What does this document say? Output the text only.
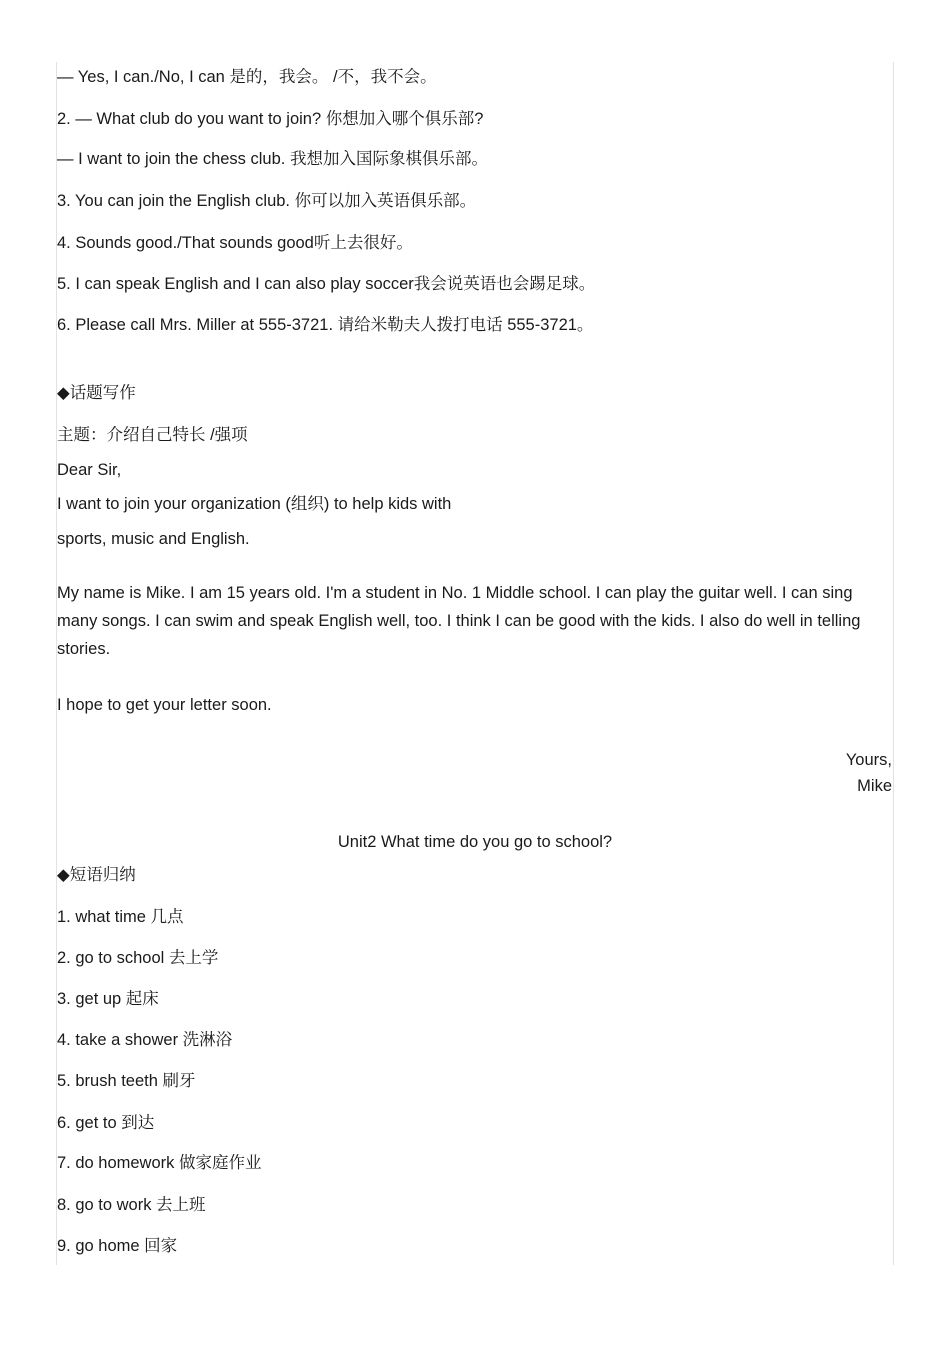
— Yes, I can./No, I can 是的，我会。 /不，我不会。
2. — What club do you want to join? 你想加入哪个俱乐部?
— I want to join the chess club. 我想加入国际象棋俱乐部。
3. You can join the English club. 你可以加入英语俱乐部。
4. Sounds good./That sounds good听上去很好。
5. I can speak English and I can also play soccer我会说英语也会踢足球。
6. Please call Mrs. Miller at 555-3721. 请给米勒夫人拨打电话 555-3721。
◆话题写作
主题：介绍自己特长 /强项
Dear Sir,
I want to join your organization (组织) to help kids with
sports, music and English.
My name is Mike. I am 15 years old. I'm a student in No. 1 Middle school. I can play the guitar well. I can sing many songs. I can swim and speak English well, too. I think I can be good with the kids. I also do well in telling stories.
I hope to get your letter soon.
Yours,
Mike
Unit2 What time do you go to school?
◆短语归纳
1. what time 几点
2. go to school 去上学
3. get up 起床
4. take a shower 洗淋浴
5. brush teeth 刷牙
6. get to 到达
7. do homework 做家庭作业
8. go to work 去上班
9. go home 回家
